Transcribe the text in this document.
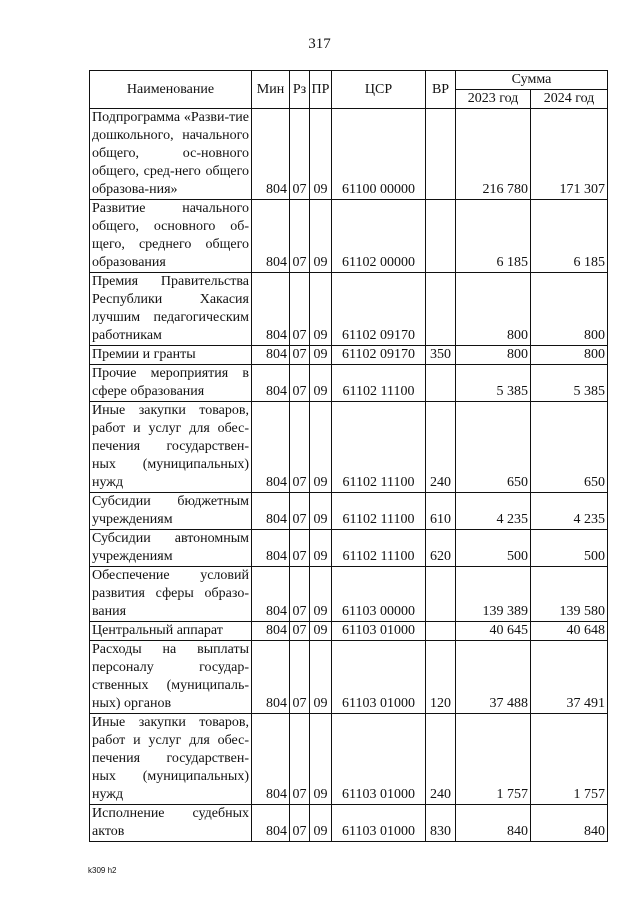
317
Наименование	Мин	Рз	ПР	ЦСР	ВР	Сумма	
						2023 год	2024 год
Подпрограмма «Разви-тие дошкольного, начального общего, ос-новного общего, сред-него общего образова-ния»	804	07	09	61100 00000		216 780	171 307
Развитие начального общего, основного об-щего, среднего общего образования	804	07	09	61102 00000		6 185	6 185
Премия Правительства Республики Хакасия лучшим педагогическим работникам	804	07	09	61102 09170		800	800
Премии и гранты	804	07	09	61102 09170	350	800	800
Прочие мероприятия в сфере образования	804	07	09	61102 11100		5 385	5 385
Иные закупки товаров, работ и услуг для обес-печения государствен-ных (муниципальных) нужд	804	07	09	61102 11100	240	650	650
Субсидии бюджетным учреждениям	804	07	09	61102 11100	610	4 235	4 235
Субсидии автономным учреждениям	804	07	09	61102 11100	620	500	500
Обеспечение условий развития сферы образо-вания	804	07	09	61103 00000		139 389	139 580
Центральный аппарат	804	07	09	61103 01000		40 645	40 648
Расходы на выплаты персоналу государ-ственных (муниципаль-ных) органов	804	07	09	61103 01000	120	37 488	37 491
Иные закупки товаров, работ и услуг для обес-печения государствен-ных (муниципальных) нужд	804	07	09	61103 01000	240	1 757	1 757
Исполнение судебных актов	804	07	09	61103 01000	830	840	840
k309 h2
